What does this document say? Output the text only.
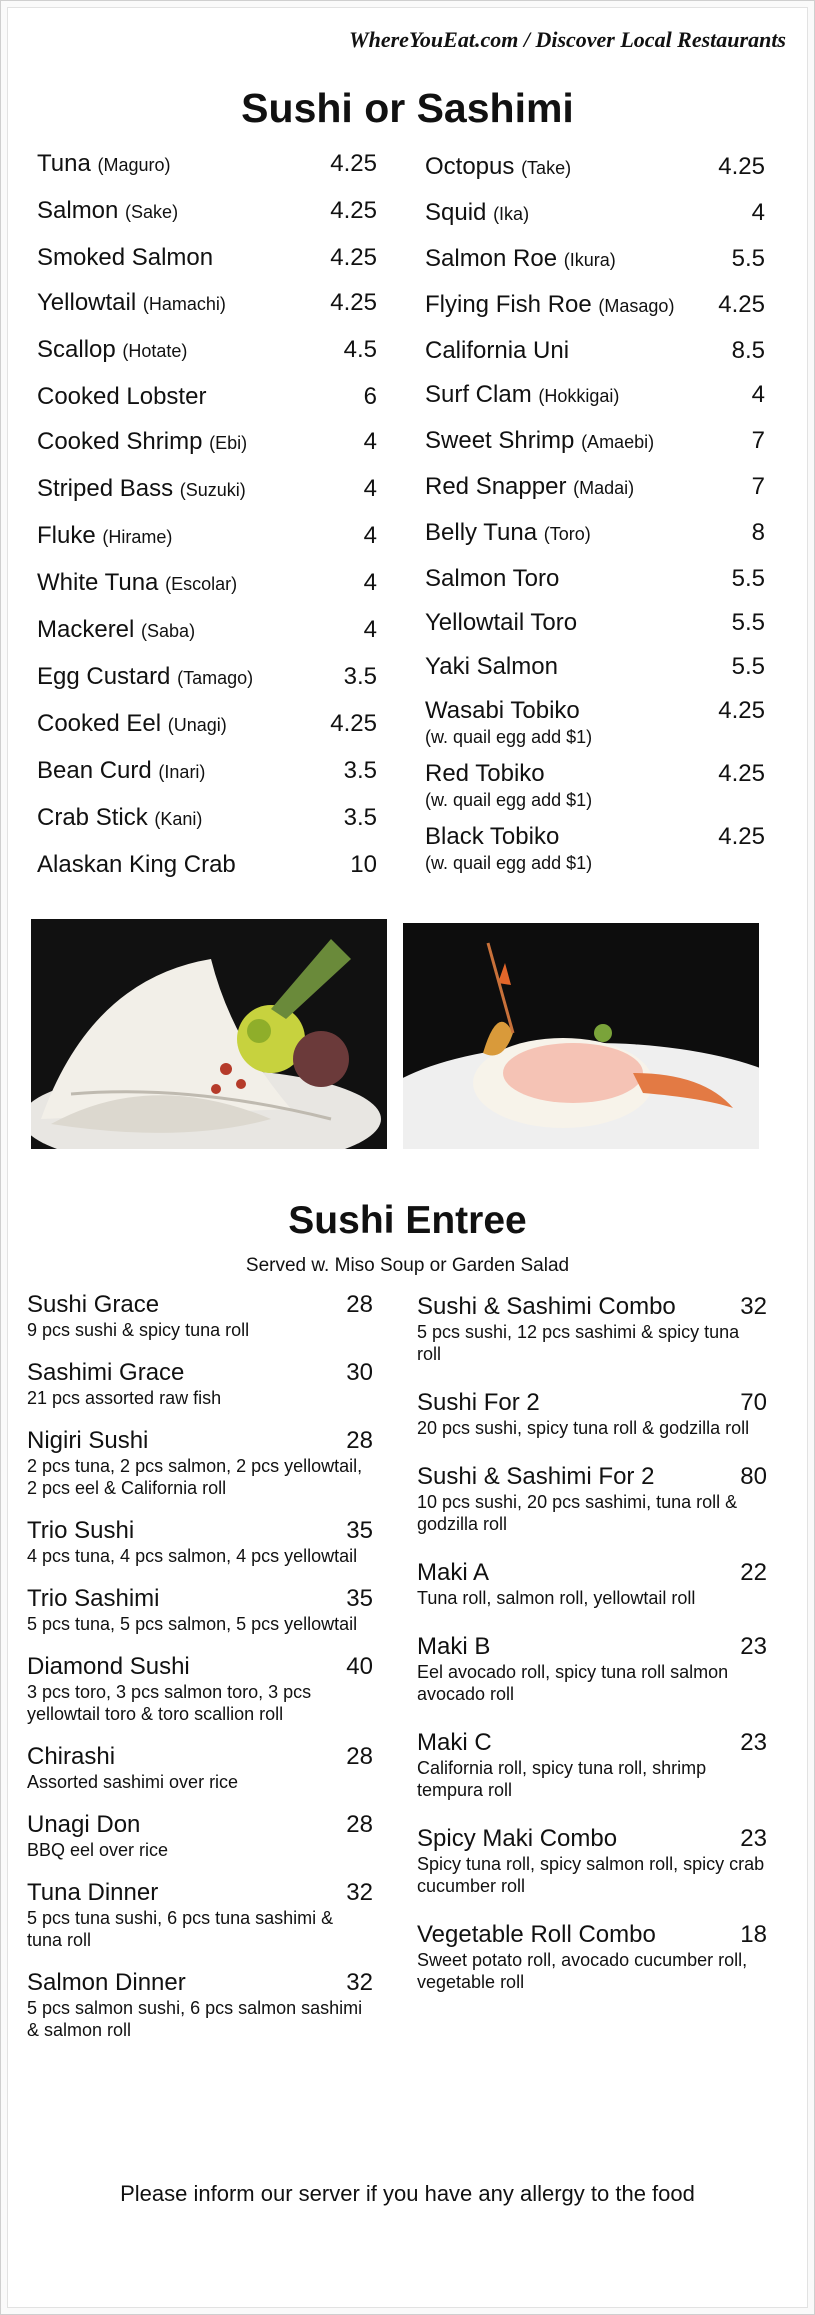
WhereYouEat.com / Discover Local Restaurants
Sushi or Sashimi
Tuna (Maguro)	4.25
Salmon (Sake)	4.25
Smoked Salmon	4.25
Yellowtail (Hamachi)	4.25
Scallop (Hotate)	4.5
Cooked Lobster	6
Cooked Shrimp (Ebi)	4
Striped Bass (Suzuki)	4
Fluke (Hirame)	4
White Tuna (Escolar)	4
Mackerel (Saba)	4
Egg Custard (Tamago)	3.5
Cooked Eel (Unagi)	4.25
Bean Curd (Inari)	3.5
Crab Stick (Kani)	3.5
Alaskan King Crab	10
Octopus (Take)	4.25
Squid (Ika)	4
Salmon Roe (Ikura)	5.5
Flying Fish Roe (Masago) 4.25
California Uni	8.5
Surf Clam (Hokkigai)	4
Sweet Shrimp (Amaebi)	7
Red Snapper (Madai)	7
Belly Tuna (Toro)	8
Salmon Toro	5.5
Yellowtail Toro	5.5
Yaki Salmon	5.5
Wasabi Tobiko	4.25
(w. quail egg add $1)
Red Tobiko	4.25
(w. quail egg add $1)
Black Tobiko	4.25
(w. quail egg add $1)
Sushi Entree
Served w. Miso Soup or Garden Salad
Sushi Grace	28
9 pcs sushi & spicy tuna roll
Sashimi Grace	30
21 pcs assorted raw fish
Nigiri Sushi	28
2 pcs tuna, 2 pcs salmon, 2 pcs yellowtail, 2 pcs eel & California roll
Trio Sushi	35
4 pcs tuna, 4 pcs salmon, 4 pcs yellowtail
Trio Sashimi	35
5 pcs tuna, 5 pcs salmon, 5 pcs yellowtail
Diamond Sushi	40
3 pcs toro, 3 pcs salmon toro, 3 pcs yellowtail toro & toro scallion roll
Chirashi	28
Assorted sashimi over rice
Unagi Don	28
BBQ eel over rice
Tuna Dinner	32
5 pcs tuna sushi, 6 pcs tuna sashimi & tuna roll
Salmon Dinner	32
5 pcs salmon sushi, 6 pcs salmon sashimi & salmon roll
Sushi & Sashimi Combo	32
5 pcs sushi, 12 pcs sashimi & spicy tuna roll
Sushi For 2	70
20 pcs sushi, spicy tuna roll & godzilla roll
Sushi & Sashimi For 2	80
10 pcs sushi, 20 pcs sashimi, tuna roll & godzilla roll
Maki A	22
Tuna roll, salmon roll, yellowtail roll
Maki B	23
Eel avocado roll, spicy tuna roll salmon avocado roll
Maki C	23
California roll, spicy tuna roll, shrimp tempura roll
Spicy Maki Combo	23
Spicy tuna roll, spicy salmon roll, spicy crab cucumber roll
Vegetable Roll Combo	18
Sweet potato roll, avocado cucumber roll, vegetable roll
Please inform our server if you have any allergy to the food
